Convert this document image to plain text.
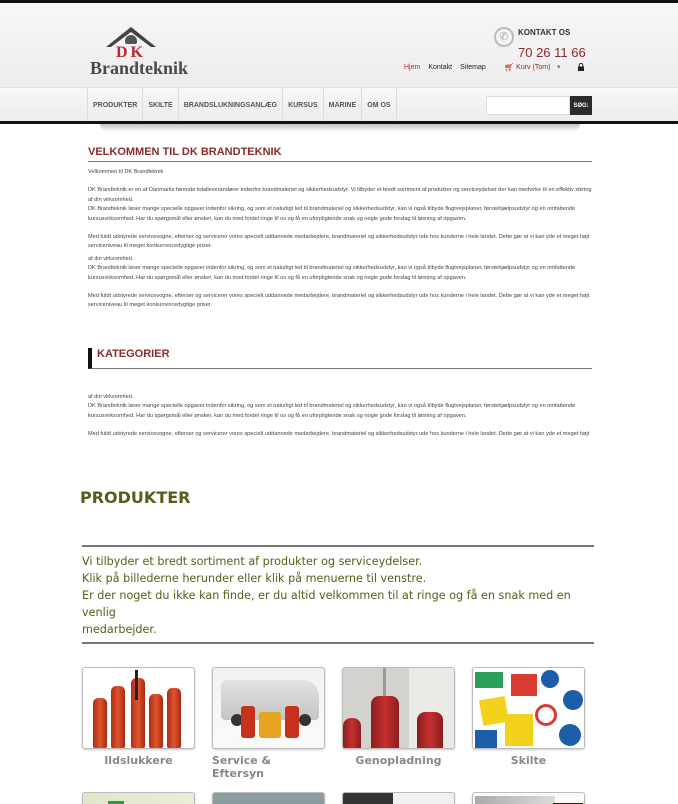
DK
Brandteknik
✆	KONTAKT OS
70 26 11 66
Hjem Kontakt Sitemap 🛒︎ Kurv (Tom) ▾
PRODUKTER	SKILTE	BRANDSLUKNINGSANLÆG	KURSUS	MARINE	OM OS	SØG:
VELKOMMEN TIL DK BRANDTEKNIK

Velkommen til DK Brandteknik

DK Brandteknik er en af Danmarks førende totalleverandører indenfor brandmateriel og sikkerhedsudstyr. Vi tilbyder et bredt sortiment af produkter og serviceydelser der kan medvirke til en effektiv sikring

af din virksomhed.

DK Brandteknik løser mange specielle opgaver indenfor sikring, og som et naturligt led til brandmateriel og sikkerhedsudstyr, kan vi også tilbyde flugtvejsplaner, førstehjælpsudstyr og en omfattende

kursusvirksomhed. Har du spørgsmål eller ønsker, kan du med fordel ringe til os og få en uforpligtende snak og nogle gode forslag til løsning af opgaven.

Med fuldt udstyrede servicevogne, efterser og servicerer vores specielt uddannede medarbejdere, brandmateriel og sikkerhedsudstyr ude hos kunderne i hele landet. Dette gør at vi kan yde et meget højt

serviceniveau til meget konkurrencedygtige priser.

af din virksomhed.

DK Brandteknik løser mange specielle opgaver indenfor sikring, og som et naturligt led til brandmateriel og sikkerhedsudstyr, kan vi også tilbyde flugtvejsplaner, førstehjælpsudstyr og en omfattende

kursusvirksomhed. Har du spørgsmål eller ønsker, kan du med fordel ringe til os og få en uforpligtende snak og nogle gode forslag til løsning af opgaven.

Med fuldt udstyrede servicevogne, efterser og servicerer vores specielt uddannede medarbejdere, brandmateriel og sikkerhedsudstyr ude hos kunderne i hele landet. Dette gør at vi kan yde et meget højt

serviceniveau til meget konkurrencedygtige priser.

KATEGORIER

af din virksomhed.

DK Brandteknik løser mange specielle opgaver indenfor sikring, og som et naturligt led til brandmateriel og sikkerhedsudstyr, kan vi også tilbyde flugtvejsplaner, førstehjælpsudstyr og en omfattende

kursusvirksomhed. Har du spørgsmål eller ønsker, kan du med fordel ringe til os og få en uforpligtende snak og nogle gode forslag til løsning af opgaven.

Med fuldt udstyrede servicevogne, efterser og servicerer vores specielt uddannede medarbejdere, brandmateriel og sikkerhedsudstyr ude hos kunderne i hele landet. Dette gør at vi kan yde et meget højt

PRODUKTER
Vi tilbyder et bredt sortiment af produkter og serviceydelser.
Klik på billederne herunder eller klik på menuerne til venstre.
Er der noget du ikke kan finde, er du altid velkommen til at ringe og få en snak med en venlig
medarbejder.
Ildslukkere	Service & Eftersyn
Genopladning	Skilte
